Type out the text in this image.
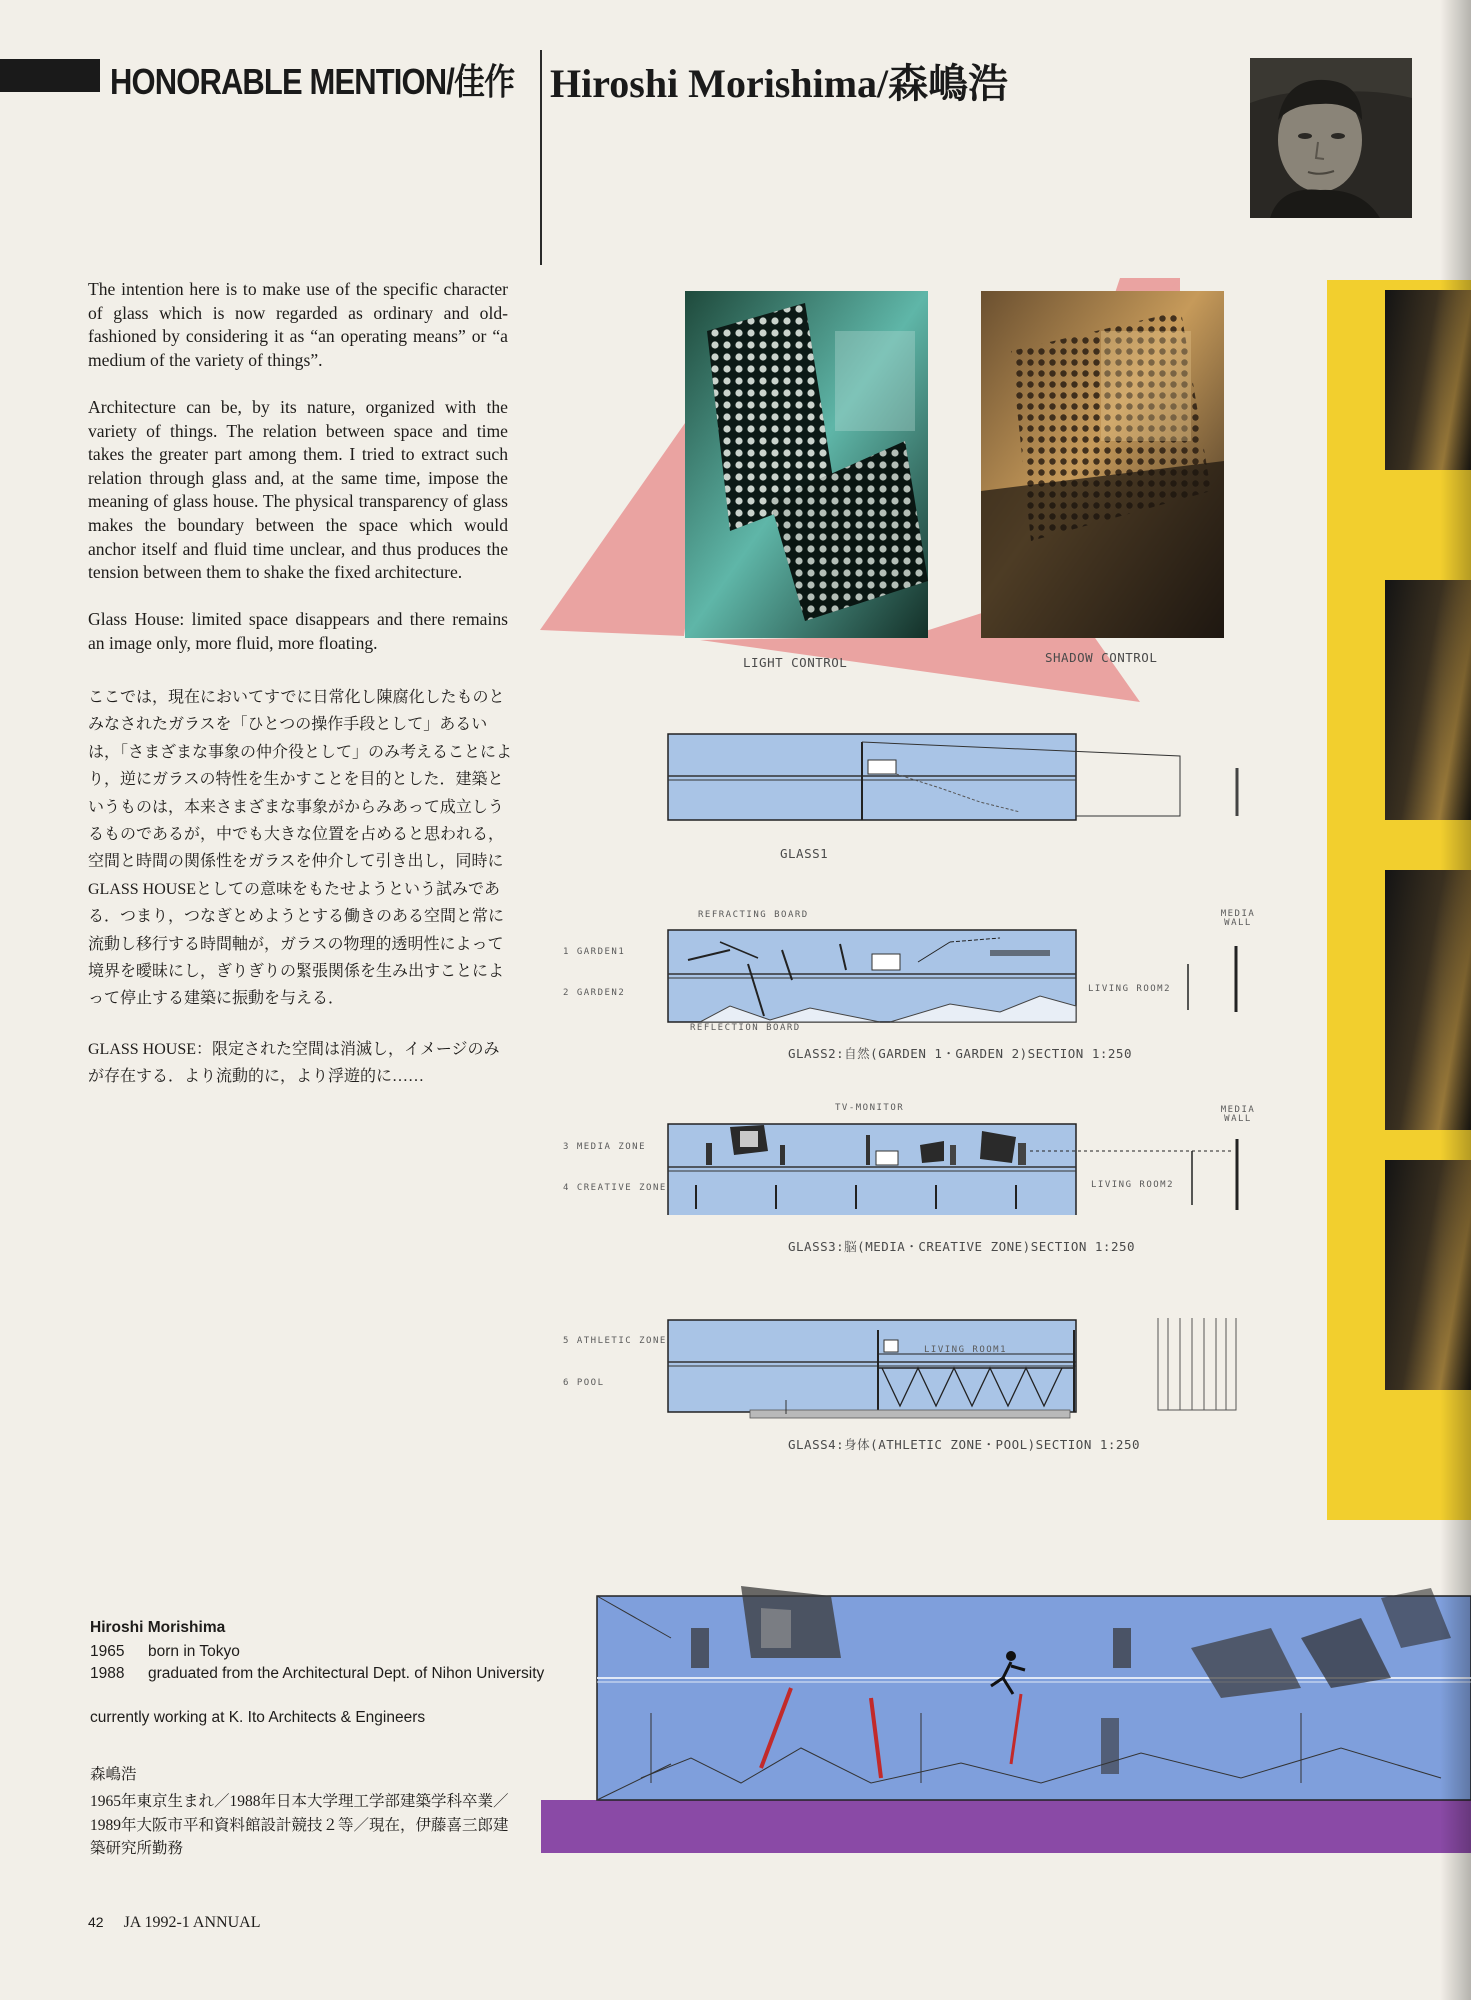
HONORABLE MENTION/佳作 Hiroshi Morishima/森嶋浩
The intention here is to make use of the specific character of glass which is now regarded as ordinary and old-fashioned by considering it as “an operating means” or “a medium of the variety of things”.
Architecture can be, by its nature, organized with the variety of things. The relation between space and time takes the greater part among them. I tried to extract such relation through glass and, at the same time, impose the meaning of glass house. The physical transparency of glass makes the boundary between the space which would anchor itself and fluid time unclear, and thus produces the tension between them to shake the fixed architecture.
Glass House: limited space disappears and there remains an image only, more fluid, more floating.
ここでは，現在においてすでに日常化し陳腐化したものとみなされたガラスを「ひとつの操作手段として」あるいは，「さまざまな事象の仲介役として」のみ考えることにより，逆にガラスの特性を生かすことを目的とした．建築というものは，本来さまざまな事象がからみあって成立しうるものであるが，中でも大きな位置を占めると思われる，空間と時間の関係性をガラスを仲介して引き出し，同時にGLASS HOUSEとしての意味をもたせようという試みである．つまり，つなぎとめようとする働きのある空間と常に流動し移行する時間軸が，ガラスの物理的透明性によって境界を曖昧にし，ぎりぎりの緊張関係を生み出すことによって停止する建築に振動を与える．
GLASS HOUSE：限定された空間は消滅し，イメージのみが存在する．より流動的に，より浮遊的に……
LIGHT CONTROL	SHADOW CONTROL
GLASS1
REFRACTING BOARD	MEDIA WALL
1 GARDEN1
2 GARDEN2	LIVING ROOM2
REFLECTION BOARD
GLASS2:自然(GARDEN 1・GARDEN 2)SECTION 1:250
TV-MONITOR	MEDIA WALL
3 MEDIA ZONE
4 CREATIVE ZONE	LIVING ROOM2
GLASS3:脳(MEDIA・CREATIVE ZONE)SECTION 1:250
5 ATHLETIC ZONE
6 POOL
LIVING ROOM1
GLASS4:身体(ATHLETIC ZONE・POOL)SECTION 1:250
Hiroshi Morishima
1965	born in Tokyo
1988	graduated from the Architectural Dept. of Nihon University
currently working at K. Ito Architects & Engineers
森嶋浩
1965年東京生まれ／1988年日本大学理工学部建築学科卒業／1989年大阪市平和資料館設計競技２等／現在，伊藤喜三郎建築研究所勤務
42 JA 1992-1 ANNUAL
